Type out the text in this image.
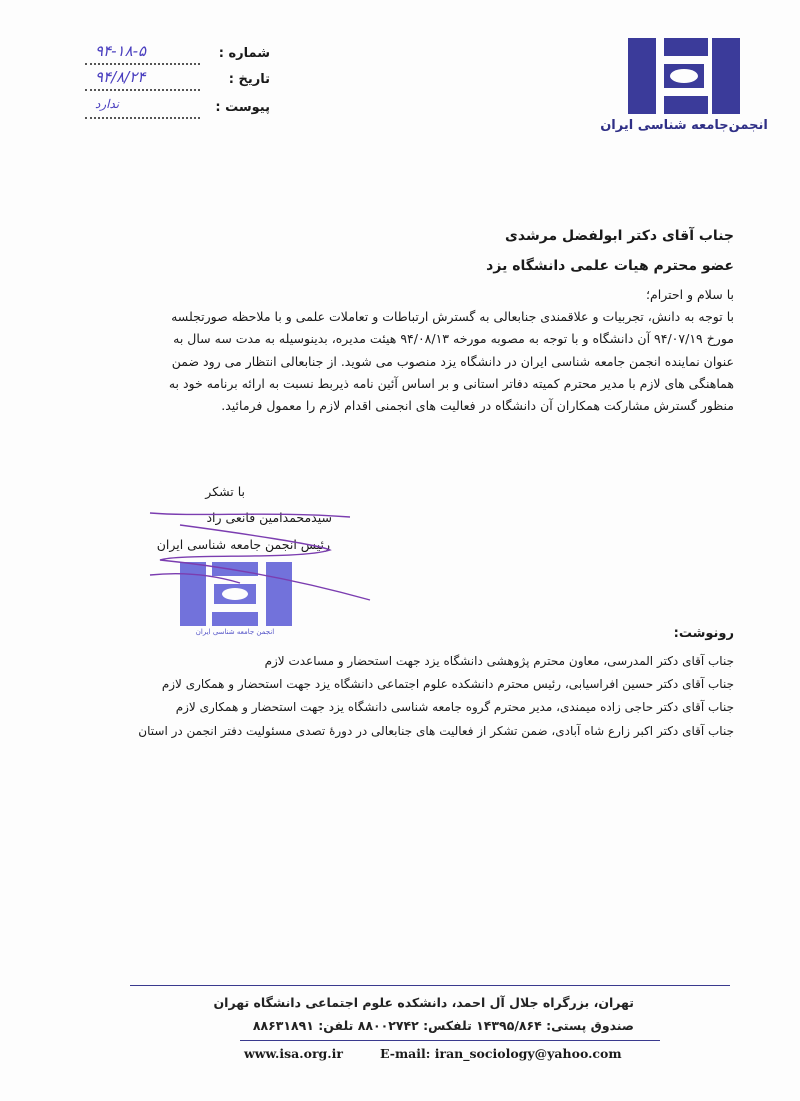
انجمن‌جامعه شناسی ایران
شماره :
تاریخ :
پیوست :
۹۴-۱۸-۵
۹۴/۸/۲۴
ندارد
جناب آقای دکتر ابولفضل مرشدی
عضو محترم هیات علمی دانشگاه یزد
با سلام و احترام؛
با توجه به دانش، تجربیات و علاقمندی جنابعالی به گسترش ارتباطات و تعاملات علمی و با ملاحظه صورتجلسه
مورخ ۹۴/۰۷/۱۹ آن دانشگاه و با توجه به مصوبه مورخه ۹۴/۰۸/۱۳ هیئت مدیره، بدینوسیله به مدت سه سال به
عنوان نماینده انجمن جامعه شناسی ایران در دانشگاه یزد منصوب می شوید. از جنابعالی انتظار می رود ضمن
هماهنگی های لازم با مدیر محترم کمیته دفاتر استانی و بر اساس آئین نامه ذیربط نسبت به ارائه برنامه خود به
منظور گسترش مشارکت همکاران آن دانشگاه در فعالیت های انجمنی اقدام لازم را معمول فرمائید.
با تشکر
سیدمحمدامین قانعی راد
رئیس انجمن جامعه شناسی ایران
انجمن جامعه شناسی ایران	رونوشت:
جناب آقای دکتر المدرسی، معاون محترم پژوهشی دانشگاه یزد جهت استحضار و مساعدت لازم
جناب آقای دکتر حسین افراسیابی، رئیس محترم دانشکده علوم اجتماعی دانشگاه یزد جهت استحضار و همکاری لازم
جناب آقای دکتر حاجی زاده میمندی، مدیر محترم گروه جامعه شناسی دانشگاه یزد جهت استحضار و همکاری لازم
جناب آقای دکتر اکبر زارع شاه آبادی، ضمن تشکر از فعالیت های جنابعالی در دورهٔ تصدی مسئولیت دفتر انجمن در استان
تهران، بزرگراه جلال آل احمد، دانشکده علوم اجتماعی دانشگاه تهران
صندوق پستی: ۱۴۳۹۵/۸۶۴ تلفکس: ۸۸۰۰۲۷۴۲ تلفن: ۸۸۶۳۱۸۹۱
www.isa.org.ir	E-mail: iran_sociology@yahoo.com
